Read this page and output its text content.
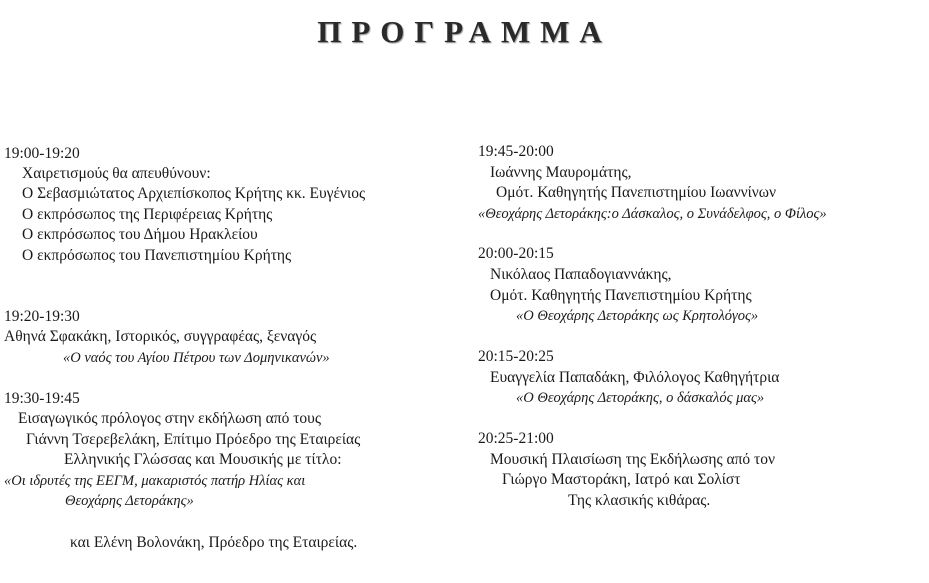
ΠΡΟΓΡΑΜΜΑ
19:00-19:20
Χαιρετισμούς θα απευθύνουν:
Ο Σεβασμιώτατος Αρχιεπίσκοπος Κρήτης κκ. Ευγένιος
Ο εκπρόσωπος της Περιφέρειας Κρήτης
Ο εκπρόσωπος του Δήμου Ηρακλείου
Ο εκπρόσωπος του Πανεπιστημίου Κρήτης
19:20-19:30
Αθηνά Σφακάκη, Ιστορικός, συγγραφέας, ξεναγός
«Ο ναός του Αγίου Πέτρου των Δομηνικανών»
19:30-19:45
Εισαγωγικός πρόλογος στην εκδήλωση από τους
Γιάννη Τσερεβελάκη, Επίτιμο Πρόεδρο της Εταιρείας
Ελληνικής Γλώσσας και Μουσικής με τίτλο:
«Οι ιδρυτές της ΕΕΓΜ, μακαριστός πατήρ Ηλίας και
Θεοχάρης Δετοράκης»
και Ελένη Βολονάκη, Πρόεδρο της Εταιρείας.
19:45-20:00
Ιωάννης Μαυρομάτης,
Ομότ. Καθηγητής Πανεπιστημίου Ιωαννίνων
«Θεοχάρης Δετοράκης:ο Δάσκαλος, ο Συνάδελφος, ο Φίλος»
20:00-20:15
Νικόλαος Παπαδογιαννάκης,
Ομότ. Καθηγητής Πανεπιστημίου Κρήτης
«Ο Θεοχάρης Δετοράκης ως Κρητολόγος»
20:15-20:25
Ευαγγελία Παπαδάκη, Φιλόλογος Καθηγήτρια
«Ο Θεοχάρης Δετοράκης, ο δάσκαλός μας»
20:25-21:00
Μουσική Πλαισίωση της Εκδήλωσης από τον
Γιώργο Μαστοράκη, Ιατρό και Σολίστ
Της κλασικής κιθάρας.
